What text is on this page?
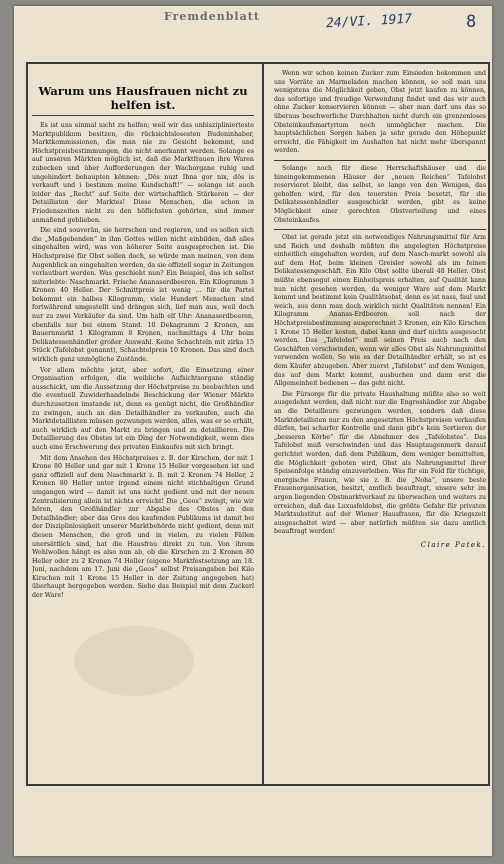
Fremdenblatt	24/VI. 1917	8
Warum uns Hausfrauen nicht zu helfen ist.

Es ist uns einmal nicht zu helfen; weil wir das unbisziplinierteste Marktpublikum besitzen, die rücksichtslosesten Budeninhaber, Marktkommissionen, die man nie zu Gesicht bekommt, und Höchstpreisbestimmungen, die nicht anerkannt werden. Solange es auf unseren Märkten möglich ist, daß die Marktfrauen ihre Waren zubecken und über Aufforderungen der Wachorgane ruhig und ungehindert behaupten können: „Dös nuzt Ihna gor nix, dös is verkauft und i bestimm meine Kundschaft!“ — solange ist auch leider das „Recht“ auf Seite der wirtschaftlich Stärkeren — der Detaillisten der Marktes! Diese Menschen, die schon in Friedenszeiten nicht zu den höflichsten gehörten, sind immer anmaßend geblieben.

Die sind souverän, sie herrschen und regieren, und es sollen sich die „Maßgebenden“ in ihm Gottes willen nicht einbilden, daß alles eingehalten wird, was von höherer Seite ausgesprochen ist. Die Höchstpreise für Obst sollen doch, so würde man meinen, von dem Augenblick an eingehalten werden, da sie offiziell sogar in Zeitungen verlautbart werden. Was geschieht nun? Ein Beispiel, das ich selbst miterlebte: Naschmarkt. Frische Ananaserdbeeren. Ein Kilogramm 3 Kronen 40 Heller. Der Schnittpreis ist wenig ... für die Partei bekommt ein halbes Kilogramm, viele Hundert Menschen sind fortwährend umgestellt und drängen sich, lief man aus, weil doch nur zu zwei Verkäufer da sind. Um halb elf Uhr: Ananaserdbeeren, ebenfalls nur bei einem Stand. 10 Dekagramm 2 Kronen, am Bauernmarkt 1 Kilogramm 8 Kronen, nachmittags 4 Uhr beim Delikatessenhändler großer Auswahl. Keine Schachteln mit zirka 15 Stück (Tafelobst genannt), Schachtelpreis 10 Kronen. Das sind doch wirklich ganz unmögliche Zustände.

Vor allem möchte jetzt, aber sofort, die Einsetzung einer Organisation erfolgen, die weibliche Aufsichtsorgane ständig ausschickt, um die Aussetzung der Höchstpreise zu beobachten und die eventuell Zuwiderhandelnde Beschickung der Wiener Märkte durchzusetzen imstande ist, denn es genügt nicht, die Großhändler zu zwingen, auch an den Detailhändler zu verkaufen, auch die Marktdetaillisten müssen gezwungen werden, alles, was er so erhält, auch wirklich auf den Markt zu bringen und zu detaillieren. Die Detaillierung des Obstes ist ein Ding der Notwendigkeit, wenn dies auch eine Erschwerung des privaten Einkaufes mit sich bringt.

Mit dem Ansehen des Höchstpreises z. B. der Kirschen, der mit 1 Krone 80 Heller und gar mit 1 Krone 15 Heller vorgesehen ist und ganz offiziell auf dem Naschmarkt z. B. mit 2 Kronen 74 Heller, 2 Kronen 80 Heller unter irgend einem nicht stichhaltigen Grund umgangen wird — damit ist uns nicht gedient und mit der neuen Zentralisierung allein ist nichts erreicht! Die „Geos“ zwingt, wie wir hören, den Großhändler zur Abgabe des Obstes an den Detailhändler; aber das Gros des kaufenden Publikums ist damit bei der Disziplinlosigkeit unserer Marktbehörde nicht gedient, denn mit diesen Menschen, die groß und in vielen, zu vielen Fällen unersättlich sind, hat die Hausfrau direkt zu tun. Von ihrem Wohlwollen hängt es also nun ab, ob die Kirschen zu 2 Kronen 80 Heller oder zu 2 Kronen 74 Heller (eigene Marktfestsetzung am 18. Juni, nachdem am 17. Juni die „Geos“ selbst Preisangaben bei Kilo Kirschen mit 1 Krone 15 Heller in der Zeitung angegeben hat) überhaupt hergegeben werden. Siehe das Beispiel mit dem Zuckerl der Ware!

Wenn wir schon keinen Zucker zum Einsieden bekommen und uns Vorräte an Marmeladen machen können, so soll man uns wenigstens die Möglichkeit geben, Obst jetzt kaufen zu können, das sofortige und freudige Verwendung findet und das wir auch ohne Zucker konservieren können — aber man darf uns das so überaus beschwerliche Durchhalten nicht durch ein grenzenloses Obsteinkaufsmartyrium noch unmöglicher machen. Die hauptsächlichen Sorgen haben ja sehr gerade den Höhepunkt erreicht, die Fähigkeit im Aushalten hat nicht mehr überspannt werden.

Solange noch für diese Herrschaftshäuser und die hineingekommenen Häuser der „neuen Reichen“ Tafelobst reservieret bleibt, das selbst, so lange von den Wenigen, das geholfen wird, für den teuersten Preis besetzt, für die Delikatessenhändler ausgeschickt werden, gibt es keine Möglichkeit einer gerechten Obstverteilung und eines Obsteinkaufes.

Obst ist gerade jetzt ein notwendiges Nahrungsmittel für Arm und Reich und deshalb müßten die angelegten Höchstpreise einheitlich eingehalten werden, auf dem Nasch-markt sowohl als auf dem Hof, beim kleinen Greisler sowohl als im feinen Delikatessengeschäft. Ein Kilo Obst sollte überall 48 Heller. Obst müßte ebensogut einen Einheitspreis erhalten, auf Qualität kann nun nicht gesehen werden, da weniger Ware auf dem Markt kommt und bestimmt kein Qualitätsobst, denn es ist nass, faul und weich, aus denn man doch wirklich nicht Qualitäten nennen! Ein Kilogramm Ananas-Erdbeeren soll nach der Höchstpreisbestimmung ausgerechnet 3 Kronen, ein Kilo Kirschen 1 Krone 15 Heller kosten, dabei kann und darf nichts ausgesucht werden. Das „Tafelobst“ muß seinen Preis auch nach den Geschäften verschwinden, wenn wir alles Obst als Nahrungsmittel verwenden wollen. So wie es der Detailhändler erhält, so ist es dem Käufer abzugeben. Aber zuerst „Tafelobst“ auf dem Wenigen, das auf dem Markt kommt, ausbuchen und dann erst die Allgemeinheit bedienen — das geht nicht.

Die Fürsorge für die private Haushaltung müßte also so weit ausgedehnt werden, daß nicht nur die Engroshändler zur Abgabe an die Detailleure gezwungen werden, sondern daß diese Marktdetailisten nur zu den angesetzten Höchstpreisen verkaufen dürfen, bei scharfer Kontrolle und dann gibt's kein Sortieren der „besseren Körbe“ für die Abnehmer des „Tafelobstes“. Das Tafelobst muß verschwinden und das Hauptaugenmerk darauf gerichtet werden, daß dem Publikum, dem weniger bemittelten, die Möglichkeit geboten wird, Obst als Nahrungsmittel ihrer Speisenfolge ständig einzuverleiben. Was für ein Feld für tüchtige, energische Frauen, wie sie z. B. die „Noha“, unsere beste Frauenorganisation, besitzt, amtlich beauftragt, unsere sehr im argen liegenden Obstmarktverkauf zu überwachen und weiters zu erreichen, daß das Luxusfeldobst, die größte Gefahr für privaten Marktsubstitut auf der Wiener Hausfrauen, für die Kriegszeit ausgeschaltet wird — aber natürlich müßten sie dazu amtlich beauftragt werden!

Claire Patek.
